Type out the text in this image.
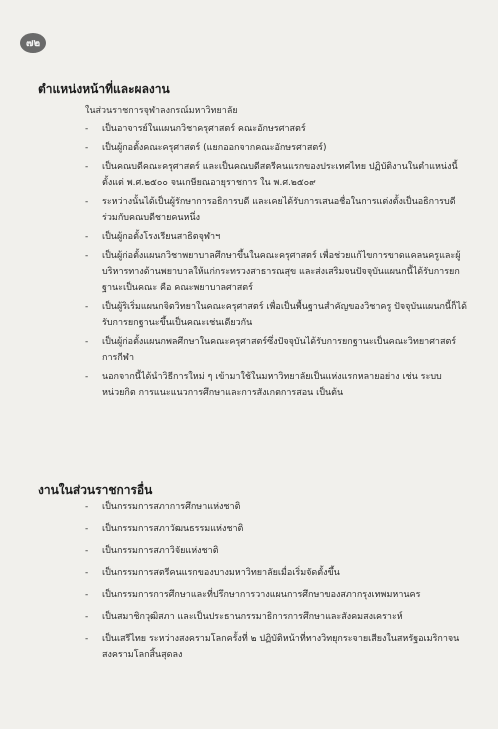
๗๒
ตำแหน่งหน้าที่และผลงาน
ในส่วนราชการจุฬาลงกรณ์มหาวิทยาลัย
- เป็นอาจารย์ในแผนกวิชาครุศาสตร์ คณะอักษรศาสตร์
- เป็นผู้กอตั้งคณะครุศาสตร์ (แยกออกจากคณะอักษรศาสตร์)
- เป็นคณบดีคณะครุศาสตร์ และเป็นคณบดีสตรีคนแรกของประเทศไทย ปฏิบัติงานในตำแหน่งนี้ตั้งแต่ พ.ศ.๒๕๐๐ จนเกษียณอายุราชการ ใน พ.ศ.๒๕๐๙
- ระหว่างนั้นได้เป็นผู้รักษาการอธิการบดี และเคยได้รับการเสนอชื่อในการแต่งตั้งเป็นอธิการบดีร่วมกับคณบดีชายคนหนึ่ง
- เป็นผู้กอตั้งโรงเรียนสาธิตจุฬาฯ
- เป็นผู้ก่อตั้งแผนกวิชาพยาบาลศึกษาขึ้นในคณะครุศาสตร์ เพื่อช่วยแก้ไขการขาดแคลนครูและผู้บริหารทางด้านพยาบาลให้แก่กระทรวงสาธารณสุข และส่งเสริมจนปัจจุบันแผนกนี้ได้รับการยกฐานะเป็นคณะ คือ คณะพยาบาลศาสตร์
- เป็นผู้ริเริ่มแผนกจิตวิทยาในคณะครุศาสตร์ เพื่อเป็นพื้นฐานสำคัญของวิชาครู ปัจจุบันแผนกนี้ก็ได้รับการยกฐานะขึ้นเป็นคณะเช่นเดียวกัน
- เป็นผู้ก่อตั้งแผนกพลศึกษาในคณะครุศาสตร์ซึ่งปัจจุบันได้รับการยกฐานะเป็นคณะวิทยาศาสตร์การกีฬา
- นอกจากนี้ได้นำวิธีการใหม่ ๆ เข้ามาใช้ในมหาวิทยาลัยเป็นแห่งแรกหลายอย่าง เช่น ระบบหน่วยกิต การแนะแนวการศึกษาและการสังเกตการสอน เป็นต้น
งานในส่วนราชการอื่น
- เป็นกรรมการสภาการศึกษาแห่งชาติ
- เป็นกรรมการสภาวัฒนธรรมแห่งชาติ
- เป็นกรรมการสภาวิจัยแห่งชาติ
- เป็นกรรมการสตรีคนแรกของบางมหาวิทยาลัยเมื่อเริ่มจัดตั้งขึ้น
- เป็นกรรมการการศึกษาและที่ปรึกษาการวางแผนการศึกษาของสภากรุงเทพมหานคร
- เป็นสมาชิกวุฒิสภา และเป็นประธานกรรมาธิการการศึกษาและสังคมสงเคราะห์
- เป็นเสรีไทย ระหว่างสงครามโลกครั้งที่ ๒ ปฏิบัติหน้าที่ทางวิทยุกระจายเสียงในสหรัฐอเมริกาจนสงครามโลกสิ้นสุดลง
